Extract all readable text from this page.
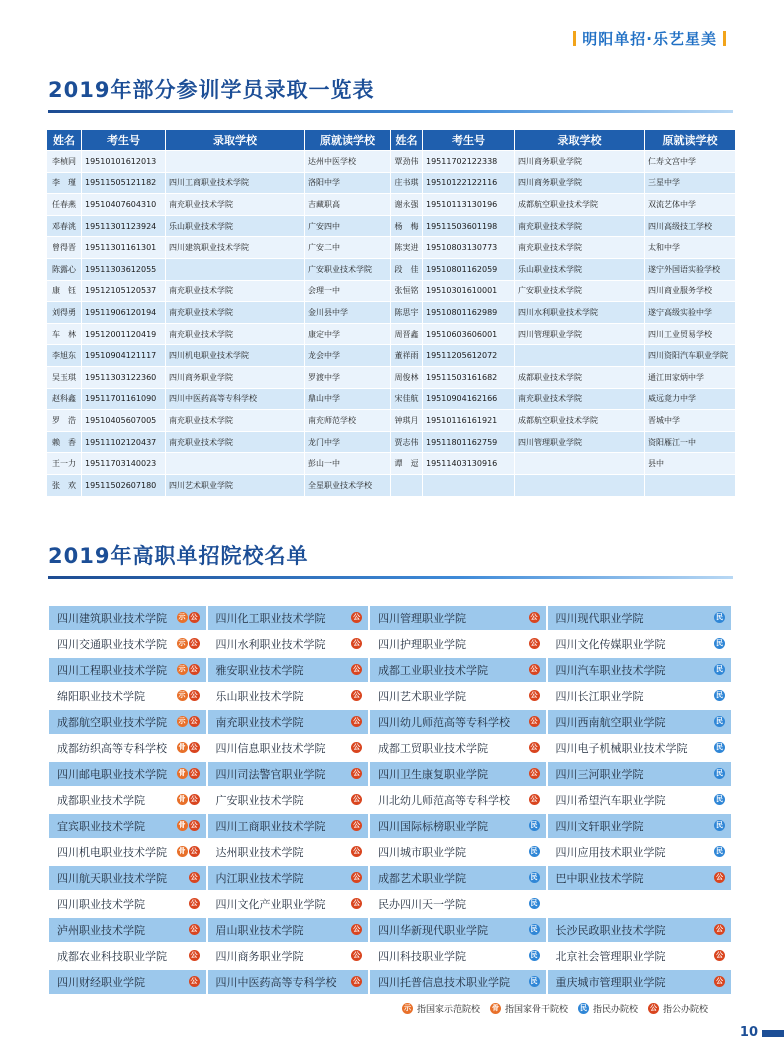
明阳单招·乐艺星美
2019年部分参训学员录取一览表
姓名	考生号	录取学校	原就读学校	姓名	考生号	录取学校	原就读学校
李楨同	19510101612013		达州中医学校	覃劲伟	19511702122338	四川商务职业学院	仁寿文宫中学
李　瑾	19511505121182	四川工商职业技术学院	洛阳中学	庄书琪	19510122122116	四川商务职业学院	三星中学
任春燕	19510407604310	南充职业技术学院	吉藏职高	谢永强	19510113130196	成都航空职业技术学院	双流艺体中学
邓春洮	19511301123924	乐山职业技术学院	广安四中	杨　梅	19511503601198	南充职业技术学院	四川高级技工学校
曾得晋	19511301161301	四川建筑职业技术学院	广安二中	陈実进	19510803130773	南充职业技术学院	太和中学
陈露心	19511303612055		广安职业技术学院	段　佳	19510801162059	乐山职业技术学院	遂宁外国语实验学校
康　钰	19512105120537	南充职业技术学院	会理一中	张恒铭	19510301610001	广安职业技术学院	四川商业服务学校
刘得勇	19511906120194	南充职业技术学院	金川县中学	陈思宇	19510801162989	四川水利职业技术学院	遂宁高级实验中学
车　林	19512001120419	南充职业技术学院	康定中学	周晋鑫	19510603606001	四川管理职业学院	四川工业贸易学校
李旭东	19510904121117	四川机电职业技术学院	龙会中学	董祥雨	19511205612072		四川资阳汽车职业学院
吴玉琪	19511303122360	四川商务职业学院	罗渡中学	周俊林	19511503161682	成都职业技术学院	通江田家炳中学
赵科鑫	19511701161090	四川中医药高等专科学校	鼎山中学	宋佳航	19510904162166	南充职业技术学院	威远竟力中学
罗　浩	19510405607005	南充职业技术学院	南充师范学校	钟琪月	19510116161921	成都航空职业技术学院	晋城中学
赖　香	19511102120437	南充职业技术学院	龙门中学	贾志伟	19511801162759	四川管理职业学院	资阳雁江一中
王一力	19511703140023		彭山一中	谭　逗	19511403130916		县中
张　欢	19511502607180	四川艺术职业学院	全星职业技术学校				
2019年高职单招院校名单
四川建筑职业技术学院 示 公 四川化工职业技术学院	公 四川管理职业学院	公 四川现代职业学院	民
四川交通职业技术学院 示 公 四川水利职业技术学院	公 四川护理职业学院	公 四川文化传媒职业学院	民
四川工程职业技术学院 示 公 雅安职业技术学院	公 成都工业职业技术学院	公 四川汽车职业技术学院	民
绵阳职业技术学院	示 公 乐山职业技术学院	公 四川艺术职业学院	公 四川长江职业学院	民
成都航空职业技术学院 示 公 南充职业技术学院	公 四川幼儿师范高等专科学校	公 四川西南航空职业学院	民
成都纺织高等专科学校 骨 公 四川信息职业技术学院	公 成都工贸职业技术学院	公 四川电子机械职业技术学院	民
四川邮电职业技术学院 骨 公 四川司法警官职业学院	公 四川卫生康复职业学院	公 四川三河职业学院	民
成都职业技术学院	骨 公 广安职业技术学院	公 川北幼儿师范高等专科学校	公 四川希望汽车职业学院	民
宜宾职业技术学院	骨 公 四川工商职业技术学院	公 四川国际标榜职业学院	民 四川文轩职业学院	民
四川机电职业技术学院 骨 公 达州职业技术学院	公 四川城市职业学院	民 四川应用技术职业学院	民
四川航天职业技术学院	公 内江职业技术学院	公 成都艺术职业学院	民 巴中职业技术学院	公
四川职业技术学院	公 四川文化产业职业学院	公 民办四川天一学院	民
泸州职业技术学院	公 眉山职业技术学院	公 四川华新现代职业学院	民 长沙民政职业技术学院	公
成都农业科技职业学院	公 四川商务职业学院	公 四川科技职业学院	民 北京社会管理职业学院	公
四川财经职业学院	公 四川中医药高等专科学校 公 四川托普信息技术职业学院	民 重庆城市管理职业学院	公
示 指国家示范院校 骨 指国家骨干院校 民 指民办院校 公 指公办院校
10
